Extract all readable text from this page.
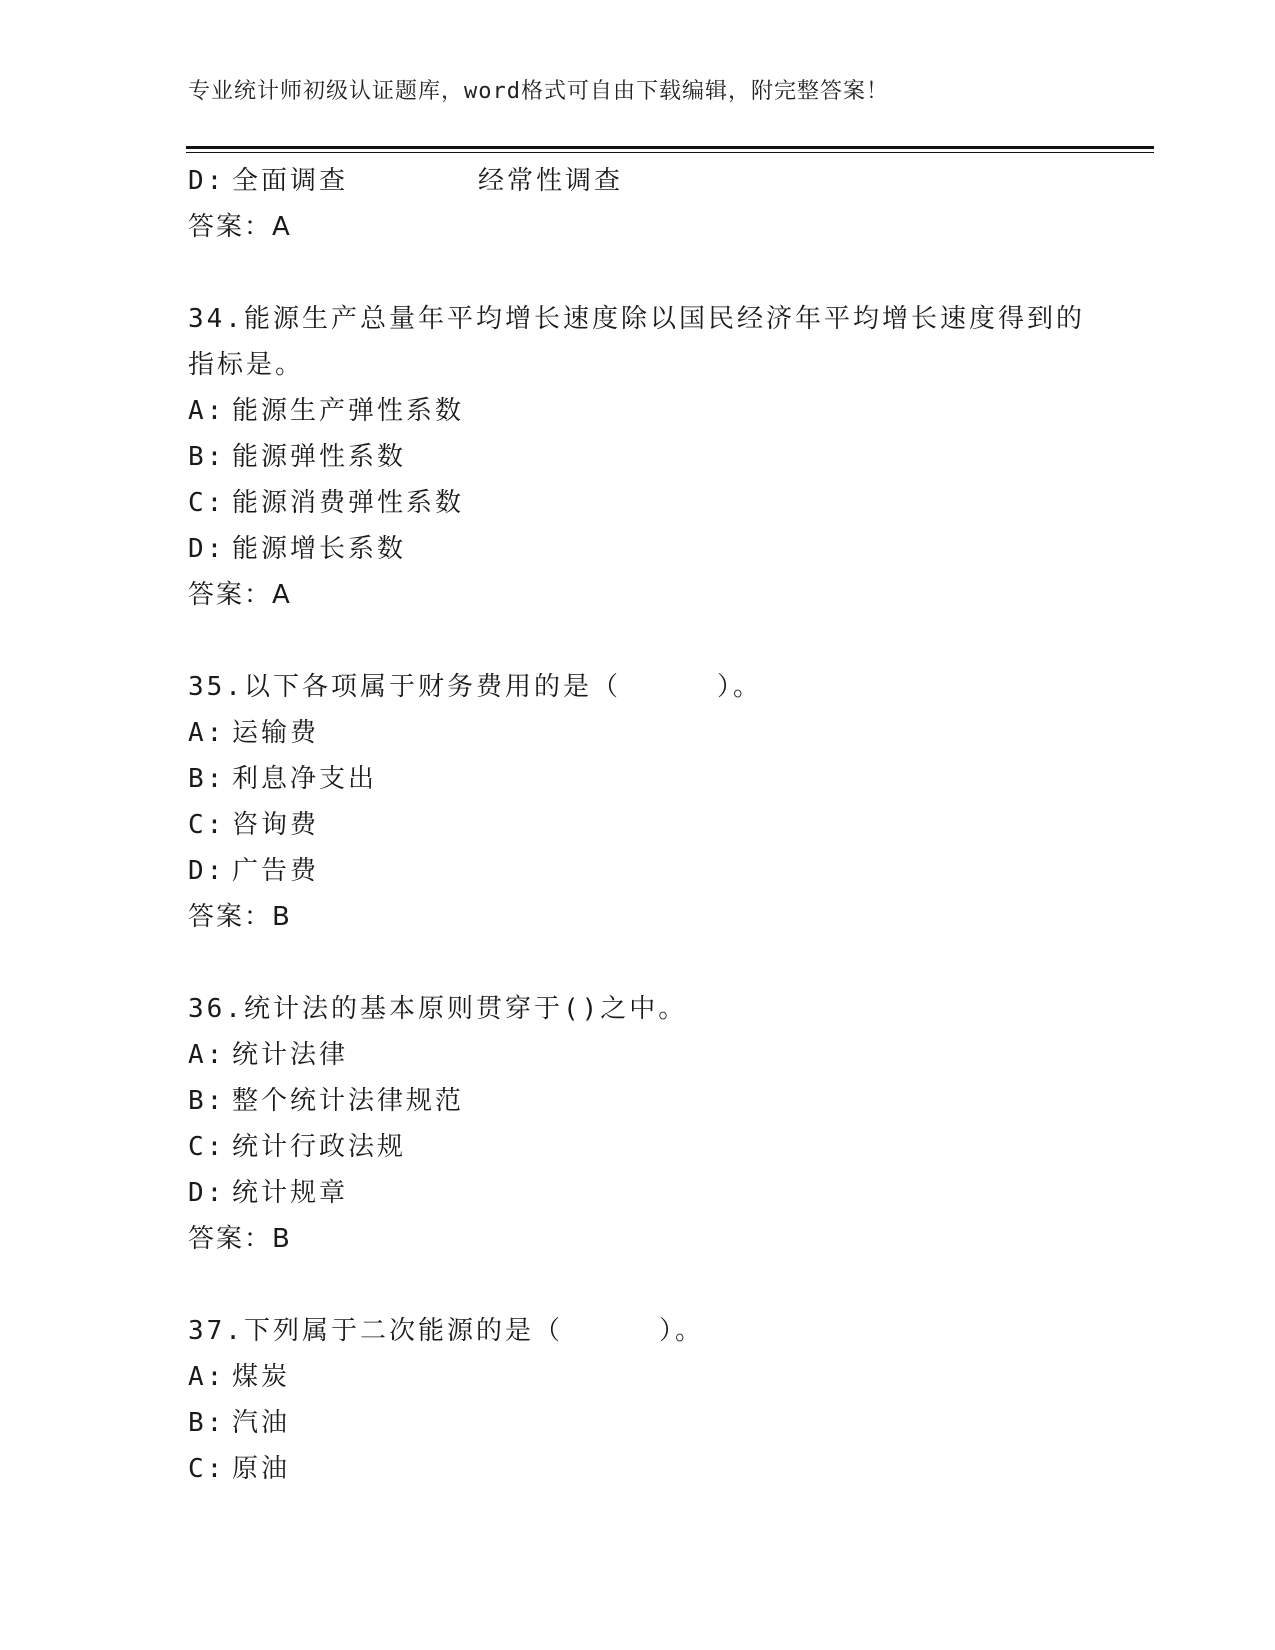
专业统计师初级认证题库，word格式可自由下载编辑，附完整答案！
D: 全面调查	经常性调查
答案：A
34.能源生产总量年平均增长速度除以国民经济年平均增长速度得到的
指标是。
A: 能源生产弹性系数
B: 能源弹性系数
C: 能源消费弹性系数
D: 能源增长系数
答案：A
35.以下各项属于财务费用的是（	）。
A: 运输费
B: 利息净支出
C: 咨询费
D: 广告费
答案：B
36.统计法的基本原则贯穿于()之中。
A: 统计法律
B: 整个统计法律规范
C: 统计行政法规
D: 统计规章
答案：B
37.下列属于二次能源的是（	）。
A: 煤炭
B: 汽油
C: 原油
